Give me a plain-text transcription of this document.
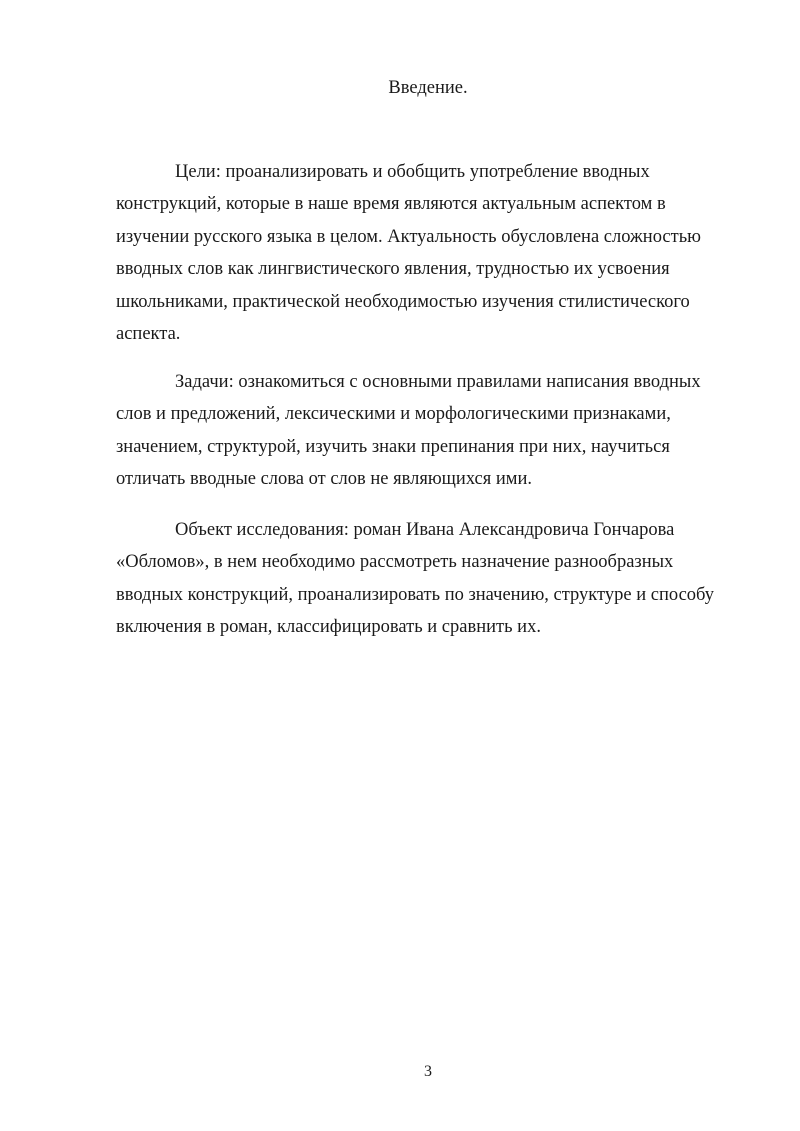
Введение.

Цели: проанализировать и обобщить употребление вводных
конструкций, которые в наше время являются актуальным аспектом в
изучении русского языка в целом. Актуальность обусловлена сложностью
вводных слов как лингвистического явления, трудностью их усвоения
школьниками, практической необходимостью изучения стилистического
аспекта.

Задачи: ознакомиться с основными правилами написания вводных
слов и предложений, лексическими и морфологическими признаками,
значением, структурой, изучить знаки препинания при них, научиться
отличать вводные слова от слов не являющихся ими.

Объект исследования: роман Ивана Александровича Гончарова
«Обломов», в нем необходимо рассмотреть назначение разнообразных
вводных конструкций, проанализировать по значению, структуре и способу
включения в роман, классифицировать и сравнить их.

3
